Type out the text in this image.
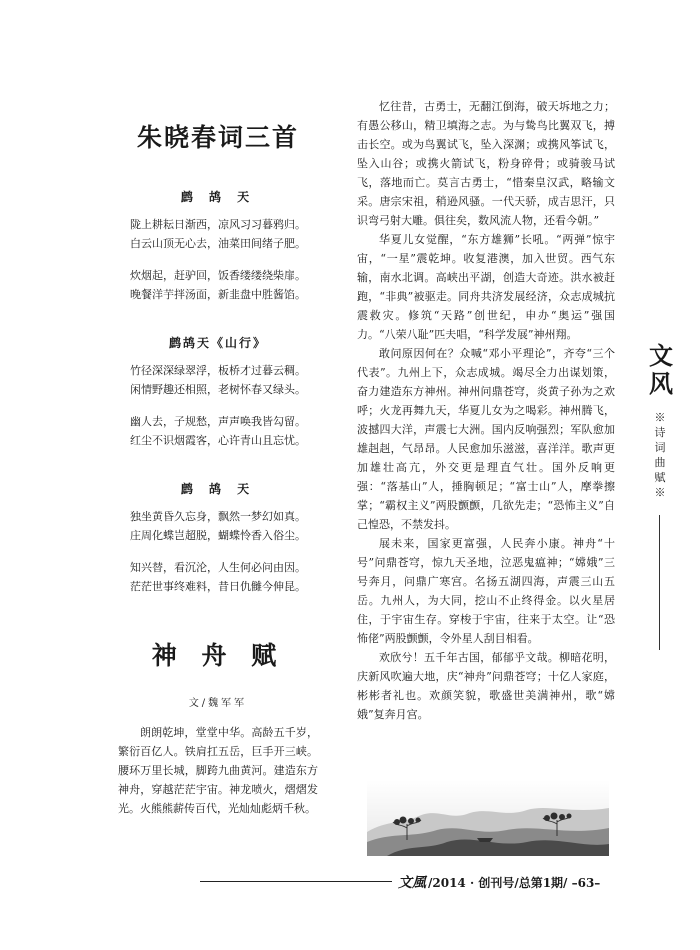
朱晓春词三首
鹧 鸪 天
陇上耕耘日渐西，凉风习习暮鸦归。
白云山顶无心去，油菜田间绪子肥。
炊烟起，赶驴回，饭香缕缕绕柴扉。
晚餐洋芋拌汤面，新韭盘中胜酱馅。
鹧鸪天《山行》
竹径深深绿翠浮，板桥才过暮云稠。
闲情野趣还相照，老树怀春又绿头。
幽人去，子规愁，声声唤我皆勾留。
红尘不识烟霞客，心许青山且忘忧。
鹧 鸪 天
独坐黄昏久忘身，飘然一梦幻如真。
庄周化蝶岂超脱，蝴蝶怜香入俗尘。
知兴替，看沉沦，人生何必问由因。
茫茫世事终难料，昔日仇雠今伸昆。
神 舟 赋
文/魏军军

朗朗乾坤，堂堂中华。高龄五千岁，繁衍百亿人。铁肩扛五岳，巨手开三峡。腰环万里长城，脚跨九曲黄河。建造东方神舟，穿越茫茫宇宙。神龙喷火，熠熠发光。火熊熊薪传百代，光灿灿彪炳千秋。

忆往昔，古勇士，无翻江倒海，破天坼地之力；有愚公移山，精卫填海之志。为与鸷鸟比翼双飞，搏击长空。或为鸟翼试飞，坠入深渊；或携风筝试飞，坠入山谷；或携火箭试飞，粉身碎骨；或骑骏马试飞，落地而亡。莫言古勇士，“惜秦皇汉武，略输文采。唐宗宋祖，稍逊风骚。一代天骄，成吉思汗，只识弯弓射大雕。俱往矣，数风流人物，还看今朝。”

华夏儿女觉醒，“东方雄狮”长吼。“两弹”惊宇宙，“一星”震乾坤。收复港澳，加入世贸。西气东输，南水北调。高峡出平湖，创造大奇迹。洪水被赶跑，“非典”被驱走。同舟共济发展经济，众志成城抗震救灾。修筑“天路”创世纪，申办“奥运”强国力。“八荣八耻”匹夫唱，“科学发展”神州翔。

敢问原因何在？众喊“邓小平理论”，齐夸“三个代表”。九州上下，众志成城。竭尽全力出谋划策，奋力建造东方神州。神州问鼎苍穹，炎黄子孙为之欢呼；火龙再舞九天，华夏儿女为之喝彩。神州腾飞，波撼四大洋，声震七大洲。国内反响强烈；军队愈加雄赳赳，气昂昂。人民愈加乐滋滋，喜洋洋。歌声更加雄壮高亢，外交更是理直气壮。国外反响更强：“落基山”人，捶胸顿足；“富士山”人，摩拳擦掌；“霸权主义”两股颤颤，几欲先走；“恐怖主义”自己惶恐，不禁发抖。

展未来，国家更富强，人民奔小康。神舟“十号”问鼎苍穹，惊九天圣地，泣恶鬼瘟神；“嫦娥”三号奔月，问鼎广寒宫。名扬五湖四海，声震三山五岳。九州人，为大同，挖山不止终得金。以火星居住，于宇宙生存。穿梭于宇宙，往来于太空。让“恐怖佬”两股颤颤，令外星人刮目相看。

欢欣兮！五千年古国，郁郁乎文哉。柳暗花明，庆新风吹遍大地，庆“神舟”问鼎苍穹；十亿人家庭，彬彬者礼也。欢颜笑貌，歌盛世美满神州，歌“嫦娥”复奔月宫。

文风
※诗词曲赋※
文風 /2014 · 创刊号/总第1期/ –63–
